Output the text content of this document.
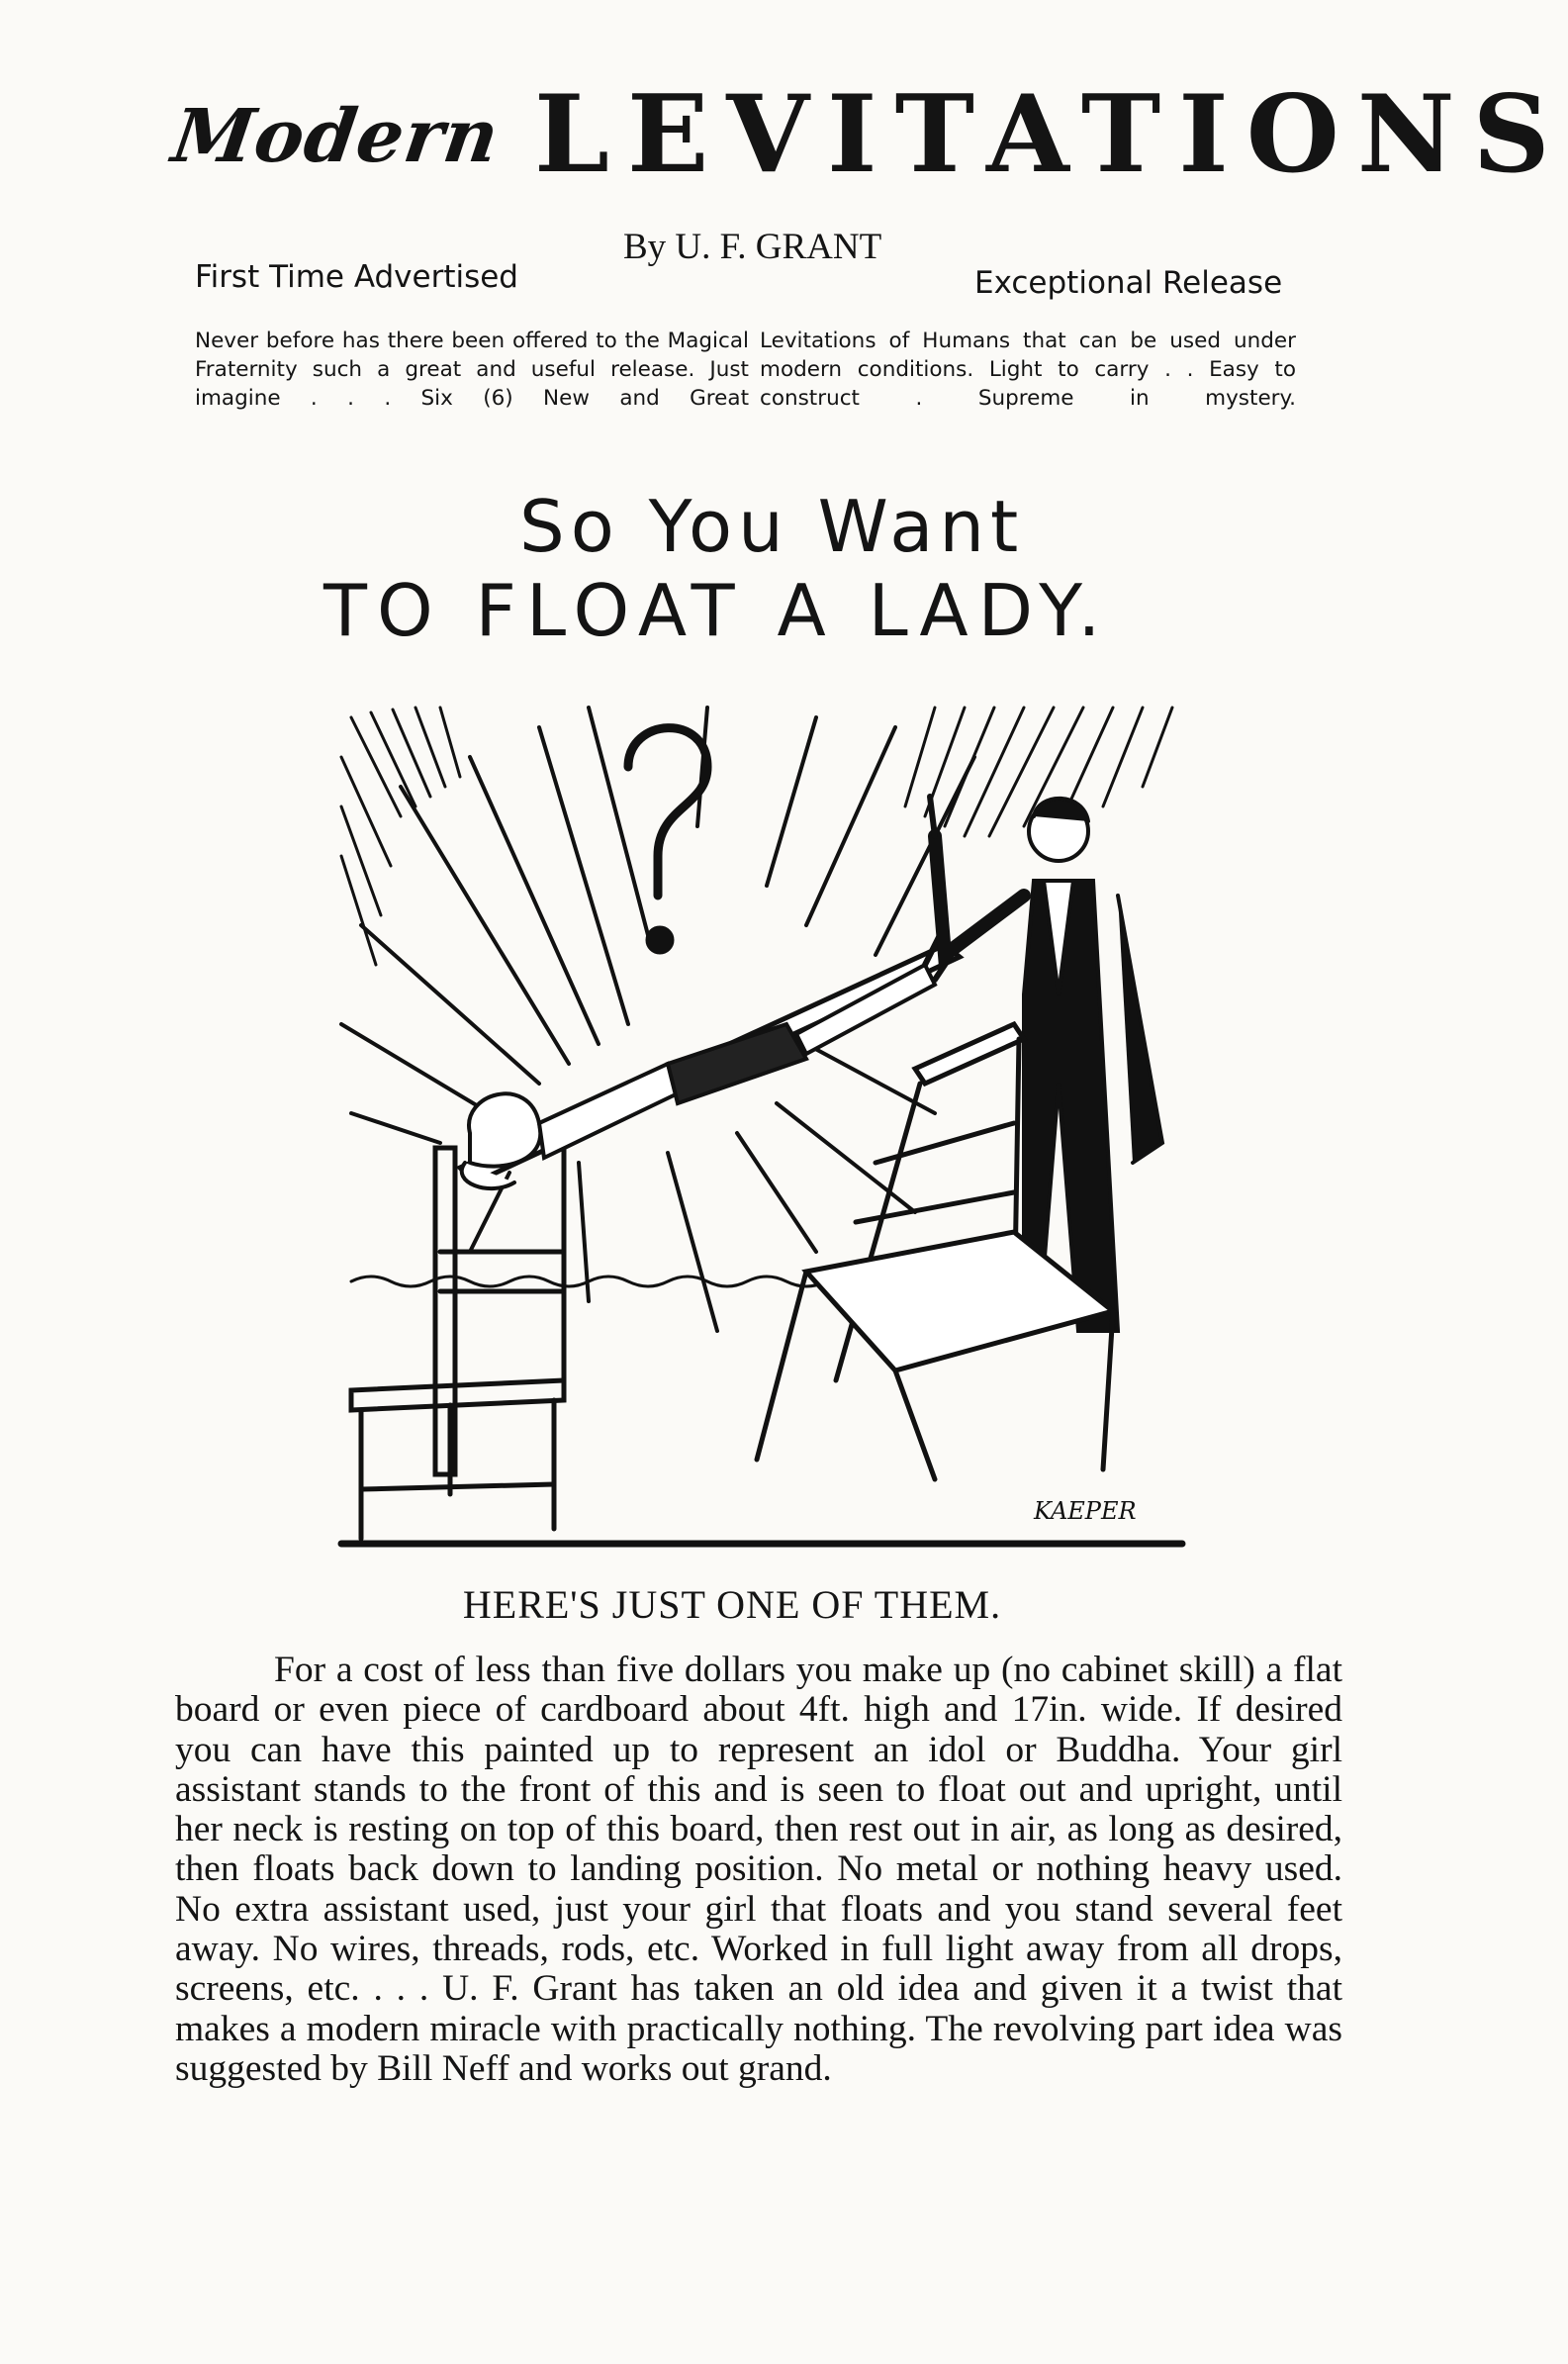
Modern LEVITATIONS
By U. F. GRANT
First Time Advertised	Exceptional Release
Never before has there been offered to the Magical Fraternity such a great and useful release. Just imagine . . . Six (6) New and Great
Levitations of Humans that can be used under modern conditions. Light to carry . . Easy to construct . Supreme in mystery.
So You Want
TO FLOAT A LADY.
KAEPER
HERE'S JUST ONE OF THEM.
For a cost of less than five dollars you make up (no cabinet skill) a flat board or even piece of cardboard about 4ft. high and 17in. wide. If desired you can have this painted up to represent an idol or Buddha. Your girl assistant stands to the front of this and is seen to float out and upright, until her neck is resting on top of this board, then rest out in air, as long as desired, then floats back down to landing position. No metal or nothing heavy used. No extra assistant used, just your girl that floats and you stand several feet away. No wires, threads, rods, etc. Worked in full light away from all drops, screens, etc. . . . U. F. Grant has taken an old idea and given it a twist that makes a modern miracle with practically nothing. The revolving part idea was suggested by Bill Neff and works out grand.
